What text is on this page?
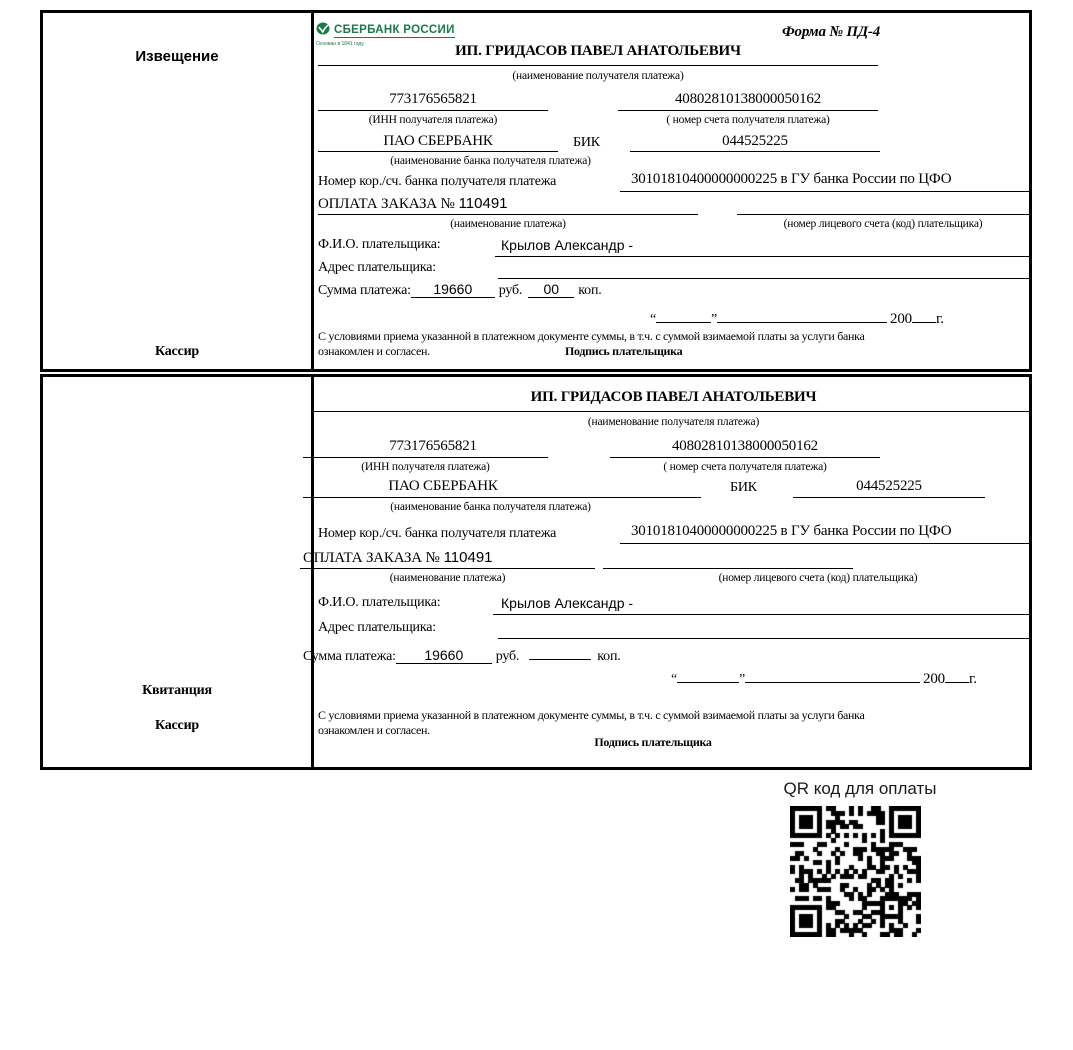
Извещение
Кассир
СБЕРБАНК РОССИИ
Основан в 1841 году
Форма № ПД-4
ИП. ГРИДАСОВ ПАВЕЛ АНАТОЛЬЕВИЧ
(наименование получателя платежа)
773176565821	40802810138000050162
(ИНН получателя платежа)	( номер счета получателя платежа)
ПАО СБЕРБАНК	БИК	044525225
(наименование банка получателя платежа)
Номер кор./сч. банка получателя платежа	30101810400000000225 в ГУ банка России по ЦФО
ОПЛАТА ЗАКАЗА № 110491
(наименование платежа)	(номер лицевого счета (код) плательщика)
Ф.И.О. плательщика:	Крылов Александр -
Адрес плательщика:
Сумма платежа:	19660	руб.	00	коп.
“	”	200 г.
С условиями приема указанной в платежном документе суммы, в т.ч. с суммой взимаемой платы за услуги банка
ознакомлен и согласен.	Подпись плательщика
Квитанция
Кассир
ИП. ГРИДАСОВ ПАВЕЛ АНАТОЛЬЕВИЧ
(наименование получателя платежа)
773176565821	40802810138000050162
(ИНН получателя платежа)	( номер счета получателя платежа)
ПАО СБЕРБАНК	БИК	044525225
(наименование банка получателя платежа)
Номер кор./сч. банка получателя платежа	30101810400000000225 в ГУ банка России по ЦФО
ОПЛАТА ЗАКАЗА № 110491
(наименование платежа)	(номер лицевого счета (код) плательщика)
Ф.И.О. плательщика:	Крылов Александр -
Адрес плательщика:
Сумма платежа:	19660	руб.	коп.
“	”	200 г.
С условиями приема указанной в платежном документе суммы, в т.ч. с суммой взимаемой платы за услуги банка
ознакомлен и согласен.
Подпись плательщика
QR код для оплаты
